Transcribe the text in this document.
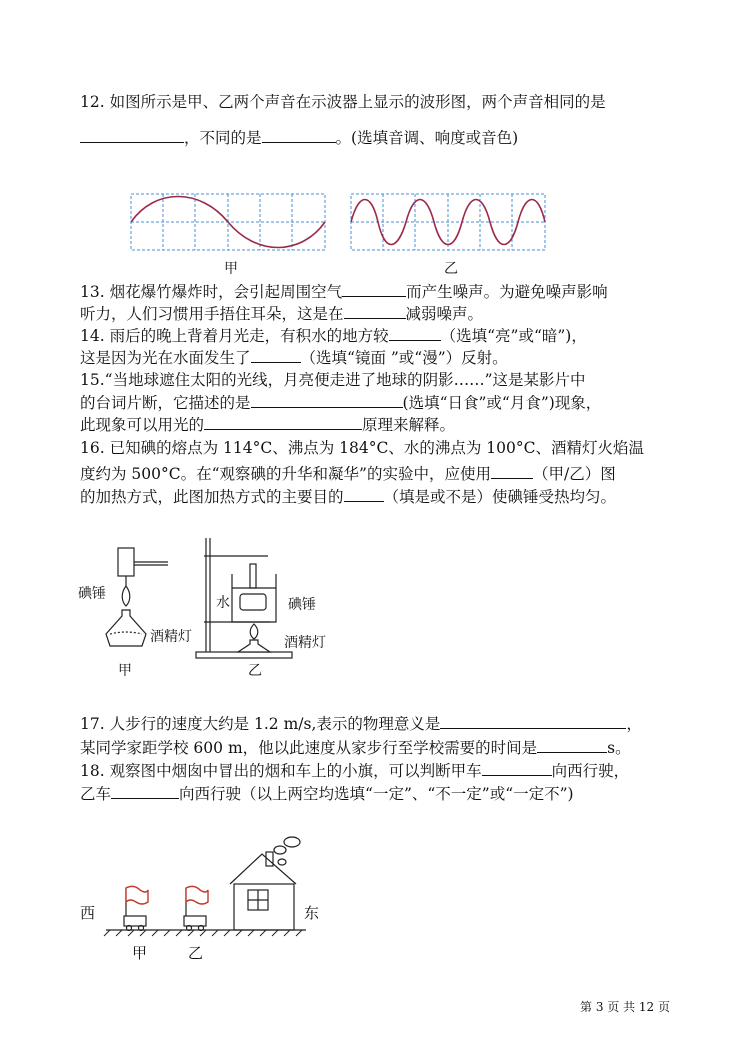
12. 如图所示是甲、乙两个声音在示波器上显示的波形图，两个声音相同的是
，不同的是	。(选填音调、响度或音色)
甲	乙
13. 烟花爆竹爆炸时，会引起周围空气	而产生噪声。为避免噪声影响
听力，人们习惯用手捂住耳朵，这是在	减弱噪声。
14. 雨后的晚上背着月光走，有积水的地方较	（选填“亮”或“暗”)，
这是因为光在水面发生了	（选填“镜面 ”或“漫”）反射。
15.“当地球遮住太阳的光线，月亮便走进了地球的阴影……”这是某影片中
的台词片断，它描述的是	(选填“日食”或“月食”)现象，
此现象可以用光的	原理来解释。
16. 已知碘的熔点为 114°C、沸点为 184°C、水的沸点为 100°C、酒精灯火焰温
度约为 500°C。在“观察碘的升华和凝华”的实验中，应使用	（甲/乙）图
的加热方式，此图加热方式的主要目的	（填是或不是）使碘锤受热均匀。
碘锤
酒精灯
甲
水	碘锤
酒精灯
乙
17. 人步行的速度大约是 1.2 m/s,表示的物理意义是	，
某同学家距学校 600 m，他以此速度从家步行至学校需要的时间是	s。
18. 观察图中烟囱中冒出的烟和车上的小旗，可以判断甲车	向西行驶，
乙车	向西行驶（以上两空均选填“一定”、“不一定”或“一定不”)
西	东
甲	乙
第 3 页 共 12 页
